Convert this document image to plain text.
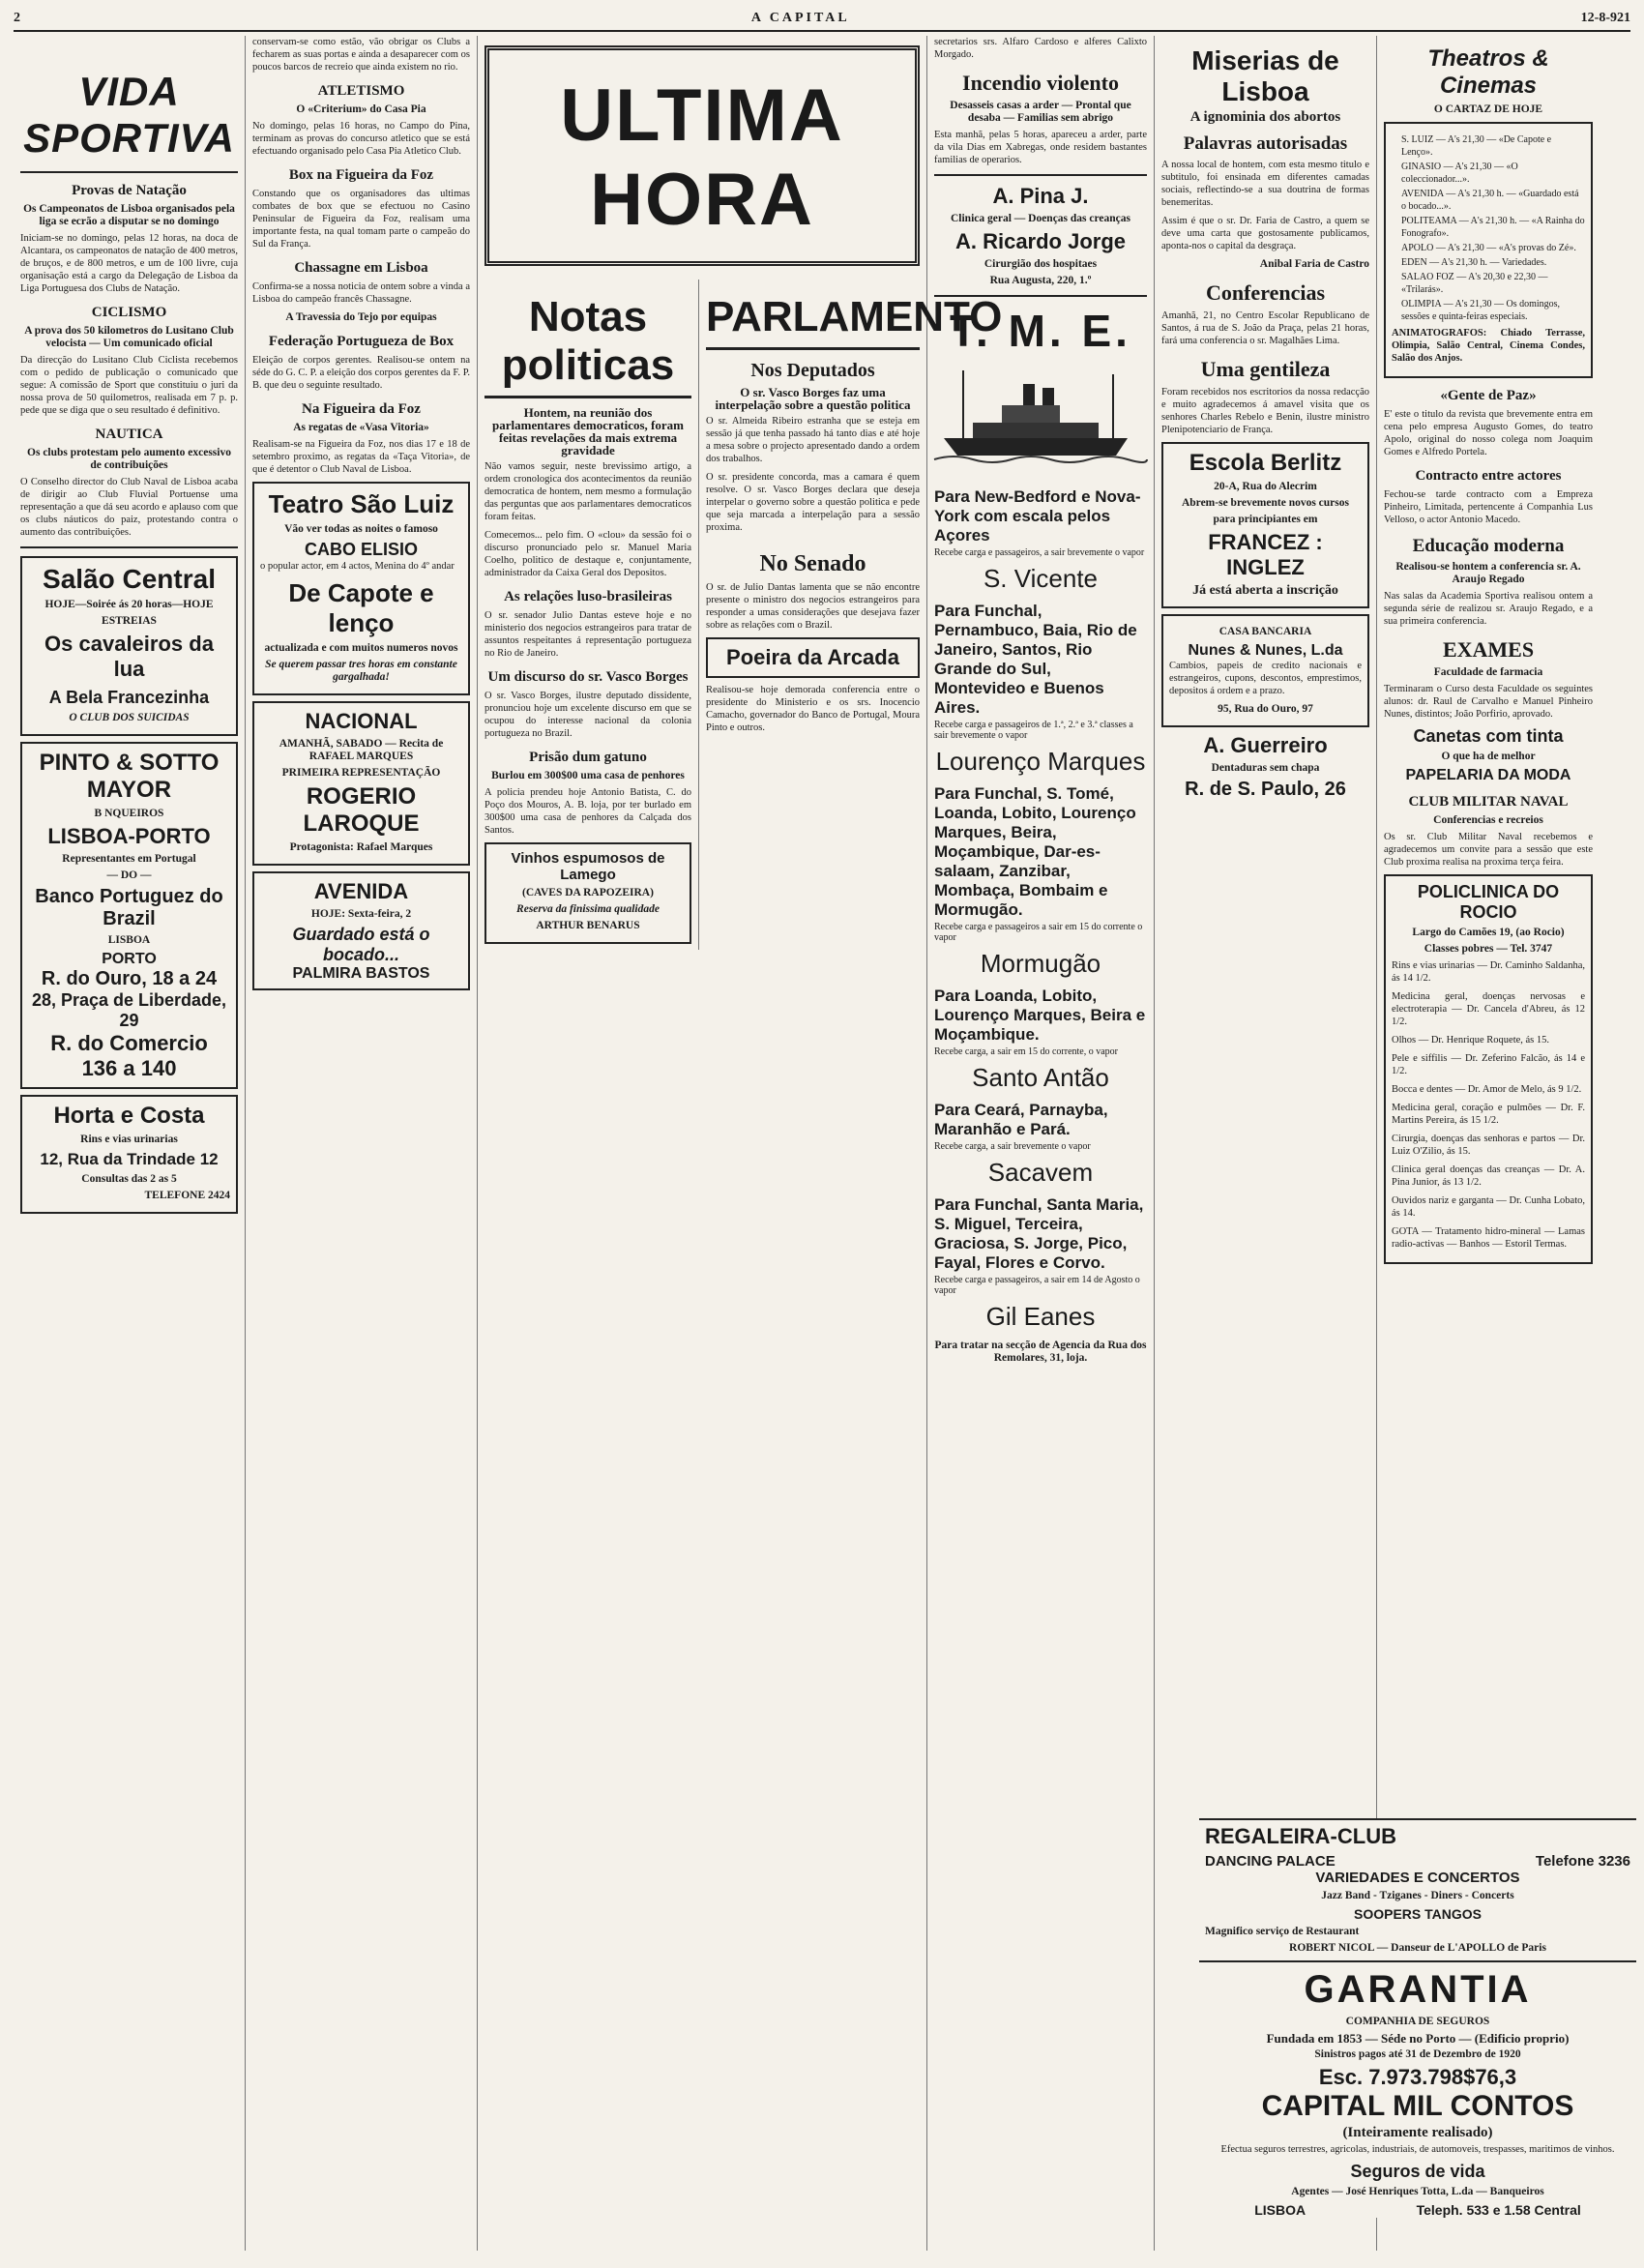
2	A CAPITAL	12-8-921
VIDA SPORTIVA
Provas de Natação
Os Campeonatos de Lisboa organisados pela liga se ecrão a disputar se no domingo

Iniciam-se no domingo, pelas 12 horas, na doca de Alcantara, os campeonatos de natação de 400 metros, de bruços, e de 800 metros, e um de 100 livre, cuja organisação está a cargo da Delegação de Lisboa da Liga Portuguesa dos Clubs de Natação.

CICLISMO
A prova dos 50 kilometros do Lusitano Club velocista — Um comunicado oficial

Da direcção do Lusitano Club Ciclista recebemos com o pedido de publicação o comunicado que segue: A comissão de Sport que constituiu o juri da nossa prova de 50 quilometros, realisada em 7 p. p. pede que se diga que o seu resultado é definitivo.

NAUTICA
Os clubs protestam pelo aumento excessivo de contribuições

O Conselho director do Club Naval de Lisboa acaba de dirigir ao Club Fluvial Portuense uma representação a que dá seu acordo e aplauso com que os clubs náuticos do paiz, protestando contra o aumento das contribuições.

Salão Central
HOJE—Soirée ás 20 horas—HOJE
ESTREIAS
Os cavaleiros da lua
A Bela Francezinha
O CLUB DOS SUICIDAS
PINTO & SOTTO MAYOR
B NQUEIROS
LISBOA-PORTO
Representantes em Portugal
— DO —
Banco Portuguez do Brazil
LISBOA
PORTO
R. do Ouro, 18 a 24
28, Praça de Liberdade, 29
R. do Comercio
136 a 140
Horta e Costa
Rins e vias urinarias
12, Rua da Trindade 12
Consultas das 2 as 5
TELEFONE 2424

conservam-se como estão, vão obrigar os Clubs a fecharem as suas portas e ainda a desaparecer com os poucos barcos de recreio que ainda existem no rio.

ATLETISMO
O «Criterium» do Casa Pia

No domingo, pelas 16 horas, no Campo do Pina, terminam as provas do concurso atletico que se está efectuando organisado pelo Casa Pia Atletico Club.

Box na Figueira da Foz

Constando que os organisadores das ultimas combates de box que se efectuou no Casino Peninsular de Figueira da Foz, realisam uma importante festa, na qual tomam parte o campeão do Sul da França.

Chassagne em Lisboa

Confirma-se a nossa noticia de ontem sobre a vinda a Lisboa do campeão francês Chassagne.

A Travessia do Tejo por equipas
Federação Portugueza de Box

Eleição de corpos gerentes. Realisou-se ontem na séde do G. C. P. a eleição dos corpos gerentes da F. P. B. que deu o seguinte resultado.

Na Figueira da Foz
As regatas de «Vasa Vitoria»

Realisam-se na Figueira da Foz, nos dias 17 e 18 de setembro proximo, as regatas da «Taça Vitoria», de que é detentor o Club Naval de Lisboa.

Teatro São Luiz
Vão ver todas as noites o famoso
CABO ELISIO

o popular actor, em 4 actos, Menina do 4º andar

De Capote e lenço
actualizada e com muitos numeros novos
Se querem passar tres horas em constante gargalhada!
NACIONAL
AMANHÃ, SABADO — Recita de RAFAEL MARQUES
PRIMEIRA REPRESENTAÇÃO
ROGERIO LAROQUE
Protagonista: Rafael Marques
AVENIDA
HOJE: Sexta-feira, 2
Guardado está o bocado...
PALMIRA BASTOS
ULTIMA HORA
Notas politicas
Hontem, na reunião dos parlamentares democraticos, foram feitas revelações da mais extrema gravidade

Não vamos seguir, neste brevissimo artigo, a ordem cronologica dos acontecimentos da reunião democratica de hontem, nem mesmo a formulação das perguntas que aos parlamentares democraticos foram feitas.

Comecemos... pelo fim. O «clou» da sessão foi o discurso pronunciado pelo sr. Manuel Maria Coelho, politico de destaque e, conjuntamente, administrador da Caixa Geral dos Depositos.

As relações luso-brasileiras

O sr. senador Julio Dantas esteve hoje e no ministerio dos negocios estrangeiros para tratar de assuntos respeitantes á representação portugueza no Rio de Janeiro.

Um discurso do sr. Vasco Borges

O sr. Vasco Borges, ilustre deputado dissidente, pronunciou hoje um excelente discurso em que se ocupou do interesse nacional da colonia portugueza no Brazil.

Prisão dum gatuno
Burlou em 300$00 uma casa de penhores

A policia prendeu hoje Antonio Batista, C. do Poço dos Mouros, A. B. loja, por ter burlado em 300$00 uma casa de penhores da Calçada dos Santos.

Vinhos espumosos de Lamego
(CAVES DA RAPOZEIRA)
Reserva da finissima qualidade
ARTHUR BENARUS
PARLAMENTO
Nos Deputados
O sr. Vasco Borges faz uma interpelação sobre a questão politica

O sr. Almeida Ribeiro estranha que se esteja em sessão já que tenha passado há tanto dias e até hoje a mesa sobre o projecto apresentado dando a ordem dos trabalhos.

O sr. presidente concorda, mas a camara é quem resolve. O sr. Vasco Borges declara que deseja interpelar o governo sobre a questão politica e pede que seja marcada a interpelação para a sessão proxima.

No Senado

O sr. de Julio Dantas lamenta que se não encontre presente o ministro dos negocios estrangeiros para responder a umas considerações que desejava fazer sobre as relações com o Brazil.

Poeira da Arcada

Realisou-se hoje demorada conferencia entre o presidente do Ministerio e os srs. Inocencio Camacho, governador do Banco de Portugal, Moura Pinto e outros.

secretarios srs. Alfaro Cardoso e alferes Calixto Morgado.

Incendio violento
Desasseis casas a arder — Prontal que desaba — Familias sem abrigo

Esta manhã, pelas 5 horas, apareceu a arder, parte da vila Dias em Xabregas, onde residem bastantes familias de operarios.

A. Pina J.
Clinica geral — Doenças das creanças
A. Ricardo Jorge
Cirurgião dos hospitaes
Rua Augusta, 220, 1.º
T. M. E.
Para New-Bedford e Nova-York com escala pelos Açores
Recebe carga e passageiros, a sair brevemente o vapor
S. Vicente
Para Funchal, Pernambuco, Baia, Rio de Janeiro, Santos, Rio Grande do Sul, Montevideo e Buenos Aires.
Recebe carga e passageiros de 1.ª, 2.ª e 3.ª classes a sair brevemente o vapor
Lourenço Marques
Para Funchal, S. Tomé, Loanda, Lobito, Lourenço Marques, Beira, Moçambique, Dar-es-salaam, Zanzibar, Mombaça, Bombaim e Mormugão.
Recebe carga e passageiros a sair em 15 do corrente o vapor
Mormugão
Para Loanda, Lobito, Lourenço Marques, Beira e Moçambique.
Recebe carga, a sair em 15 do corrente, o vapor
Santo Antão
Para Ceará, Parnayba, Maranhão e Pará.
Recebe carga, a sair brevemente o vapor
Sacavem
Para Funchal, Santa Maria, S. Miguel, Terceira, Graciosa, S. Jorge, Pico, Fayal, Flores e Corvo.
Recebe carga e passageiros, a sair em 14 de Agosto o vapor
Gil Eanes
Para tratar na secção de Agencia da Rua dos Remolares, 31, loja.
Miserias de Lisboa
A ignominia dos abortos
Palavras autorisadas

A nossa local de hontem, com esta mesmo titulo e subtitulo, foi ensinada em diferentes camadas sociais, reflectindo-se a sua doutrina de formas benemeritas.

Assim é que o sr. Dr. Faria de Castro, a quem se deve uma carta que gostosamente publicamos, aponta-nos o capital da desgraça.

Anibal Faria de Castro
Conferencias

Amanhã, 21, no Centro Escolar Republicano de Santos, á rua de S. João da Praça, pelas 21 horas, fará uma conferencia o sr. Magalhães Lima.

Uma gentileza

Foram recebidos nos escritorios da nossa redacção e muito agradecemos á amavel visita que os senhores Charles Rebelo e Benin, ilustre ministro Plenipotenciario de França.

Escola Berlitz
20-A, Rua do Alecrim
Abrem-se brevemente novos cursos
para principiantes em
FRANCEZ : INGLEZ
Já está aberta a inscrição
CASA BANCARIA
Nunes & Nunes, L.da

Cambios, papeis de credito nacionais e estrangeiros, cupons, descontos, emprestimos, depositos á ordem e a prazo.

95, Rua do Ouro, 97
A. Guerreiro
Dentaduras sem chapa
R. de S. Paulo, 26
Theatros & Cinemas
O CARTAZ DE HOJE
S. LUIZ — A's 21,30 — «De Capote e Lenço».
GINASIO — A's 21,30 — «O coleccionador...».
AVENIDA — A's 21,30 h. — «Guardado está o bocado...».
POLITEAMA — A's 21,30 h. — «A Rainha do Fonografo».
APOLO — A's 21,30 — «A's provas do Zé».
EDEN — A's 21,30 h. — Variedades.
SALAO FOZ — A's 20,30 e 22,30 — «Trilarás».
OLIMPIA — A's 21,30 — Os domingos, sessões e quinta-feiras especiais.

ANIMATOGRAFOS: Chiado Terrasse, Olimpia, Salão Central, Cinema Condes, Salão dos Anjos.

«Gente de Paz»

E' este o titulo da revista que brevemente entra em cena pelo empresa Augusto Gomes, do teatro Apolo, original do nosso colega nom Joaquim Gomes e Alfredo Portela.

Contracto entre actores

Fechou-se tarde contracto com a Empreza Pinheiro, Limitada, pertencente á Companhia Lus Velloso, o actor Antonio Macedo.

Educação moderna
Realisou-se hontem a conferencia sr. A. Araujo Regado

Nas salas da Academia Sportiva realisou ontem a segunda série de realizou sr. Araujo Regado, e a sua primeira conferencia.

EXAMES
Faculdade de farmacia

Terminaram o Curso desta Faculdade os seguintes alunos: dr. Raul de Carvalho e Manuel Pinheiro Nunes, distintos; João Porfirio, aprovado.

Canetas com tinta
O que ha de melhor
PAPELARIA DA MODA
CLUB MILITAR NAVAL
Conferencias e recreios

Os sr. Club Militar Naval recebemos e agradecemos um convite para a sessão que este Club proxima realisa na proxima terça feira.

POLICLINICA DO ROCIO
Largo do Camões 19, (ao Rocio)
Classes pobres — Tel. 3747

Rins e vias urinarias — Dr. Caminho Saldanha, ás 14 1/2.

Medicina geral, doenças nervosas e electroterapia — Dr. Cancela d'Abreu, ás 12 1/2.

Olhos — Dr. Henrique Roquete, ás 15.

Pele e siffilis — Dr. Zeferino Falcão, ás 14 e 1/2.

Bocca e dentes — Dr. Amor de Melo, ás 9 1/2.

Medicina geral, coração e pulmões — Dr. F. Martins Pereira, ás 15 1/2.

Cirurgia, doenças das senhoras e partos — Dr. Luiz O'Zilio, ás 15.

Clinica geral doenças das creanças — Dr. A. Pina Junior, ás 13 1/2.

Ouvidos nariz e garganta — Dr. Cunha Lobato, ás 14.

GOTA — Tratamento hidro-mineral — Lamas radio-activas — Banhos — Estoril Termas.

REGALEIRA-CLUB
DANCING PALACE	Telefone 3236
VARIEDADES E CONCERTOS
Jazz Band - Tziganes - Diners - Concerts
SOOPERS TANGOS
Magnifico serviço de Restaurant
ROBERT NICOL — Danseur de L'APOLLO de Paris
GARANTIA
COMPANHIA DE SEGUROS
Fundada em 1853 — Séde no Porto — (Edificio proprio)
Sinistros pagos até 31 de Dezembro de 1920
Esc. 7.973.798$76,3
CAPITAL MIL CONTOS
(Inteiramente realisado)

Efectua seguros terrestres, agricolas, industriais, de automoveis, trespasses, maritimos de vinhos.

Seguros de vida
Agentes — José Henriques Totta, L.da — Banqueiros
LISBOA	Teleph. 533 e 1.58 Central
